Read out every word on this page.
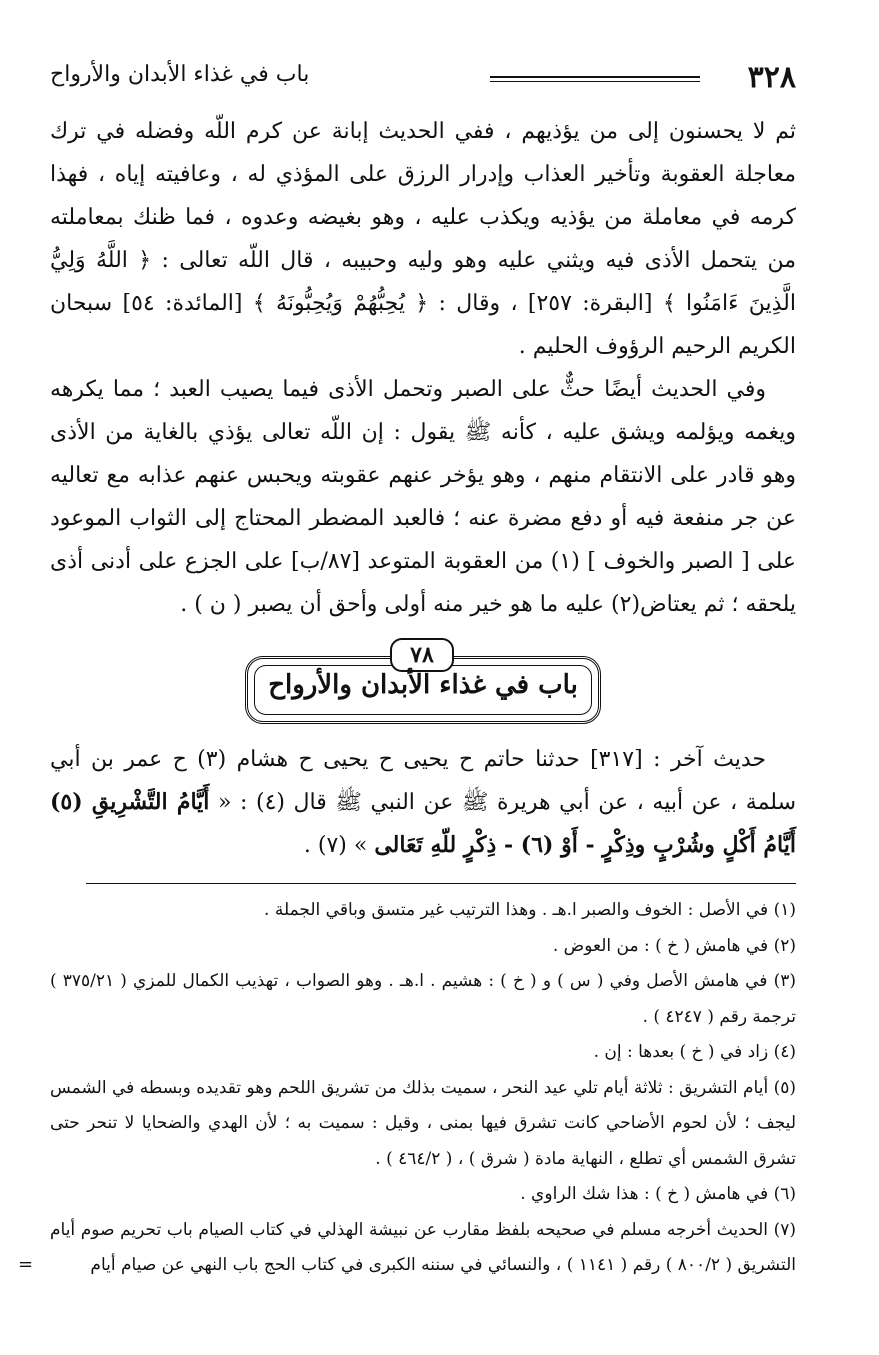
٣٢٨
باب في غذاء الأبدان والأرواح

ثم لا يحسنون إلى من يؤذيهم ، ففي الحديث إبانة عن كرم اللّه وفضله في ترك معاجلة العقوبة وتأخير العذاب وإدرار الرزق على المؤذي له ، وعافيته إياه ، فهذا كرمه في معاملة من يؤذيه ويكذب عليه ، وهو بغيضه وعدوه ، فما ظنك بمعاملته من يتحمل الأذى فيه ويثني عليه وهو وليه وحبيبه ، قال اللّه تعالى : ﴿ اللَّهُ وَلِيُّ الَّذِينَ ءَامَنُوا ﴾ [البقرة: ٢٥٧] ، وقال : ﴿ يُحِبُّهُمْ وَيُحِبُّونَهُ ﴾ [المائدة: ٥٤] سبحان الكريم الرحيم الرؤوف الحليم .

وفي الحديث أيضًا حثٌّ على الصبر وتحمل الأذى فيما يصيب العبد ؛ مما يكرهه ويغمه ويؤلمه ويشق عليه ، كأنه ﷺ يقول : إن اللّه تعالى يؤذي بالغاية من الأذى وهو قادر على الانتقام منهم ، وهو يؤخر عنهم عقوبته ويحبس عنهم عذابه مع تعاليه عن جر منفعة فيه أو دفع مضرة عنه ؛ فالعبد المضطر المحتاج إلى الثواب الموعود على [ الصبر والخوف ] (١) من العقوبة المتوعد [٨٧/ب] على الجزع على أدنى أذى يلحقه ؛ ثم يعتاض(٢) عليه ما هو خير منه أولى وأحق أن يصبر ( ن ) .

٧٨
باب في غذاء الأبدان والأرواح

حديث آخر : [٣١٧] حدثنا حاتم ح يحيى ح يحيى ح هشام (٣) ح عمر بن أبي سلمة ، عن أبيه ، عن أبي هريرة ﷺ عن النبي ﷺ قال (٤) : « أَيَّامُ التَّشْرِيقِ (٥) أَيَّامُ أَكْلٍ وشُرْبٍ وذِكْرٍ - أَوْ (٦) - ذِكْرٍ للّهِ تَعَالى » (٧) .

(١) في الأصل : الخوف والصبر ا.هـ . وهذا الترتيب غير متسق وباقي الجملة .
(٢) في هامش ( خ ) : من العوض .
(٣) في هامش الأصل وفي ( س ) و ( خ ) : هشيم . ا.هـ . وهو الصواب ، تهذيب الكمال للمزي ( ٣٧٥/٢١ ) ترجمة رقم ( ٤٢٤٧ ) .
(٤) زاد في ( خ ) بعدها : إن .
(٥) أيام التشريق : ثلاثة أيام تلي عيد النحر ، سميت بذلك من تشريق اللحم وهو تقديده وبسطه في الشمس ليجف ؛ لأن لحوم الأضاحي كانت تشرق فيها بمنى ، وقيل : سميت به ؛ لأن الهدي والضحايا لا تنحر حتى تشرق الشمس أي تطلع ، النهاية مادة ( شرق ) ، ( ٤٦٤/٢ ) .
(٦) في هامش ( خ ) : هذا شك الراوي .
(٧) الحديث أخرجه مسلم في صحيحه بلفظ مقارب عن نبيشة الهذلي في كتاب الصيام باب تحريم صوم أيام التشريق ( ٨٠٠/٢ ) رقم ( ١١٤١ ) ، والنسائي في سننه الكبرى في كتاب الحج باب النهي عن صيام أيام
=
